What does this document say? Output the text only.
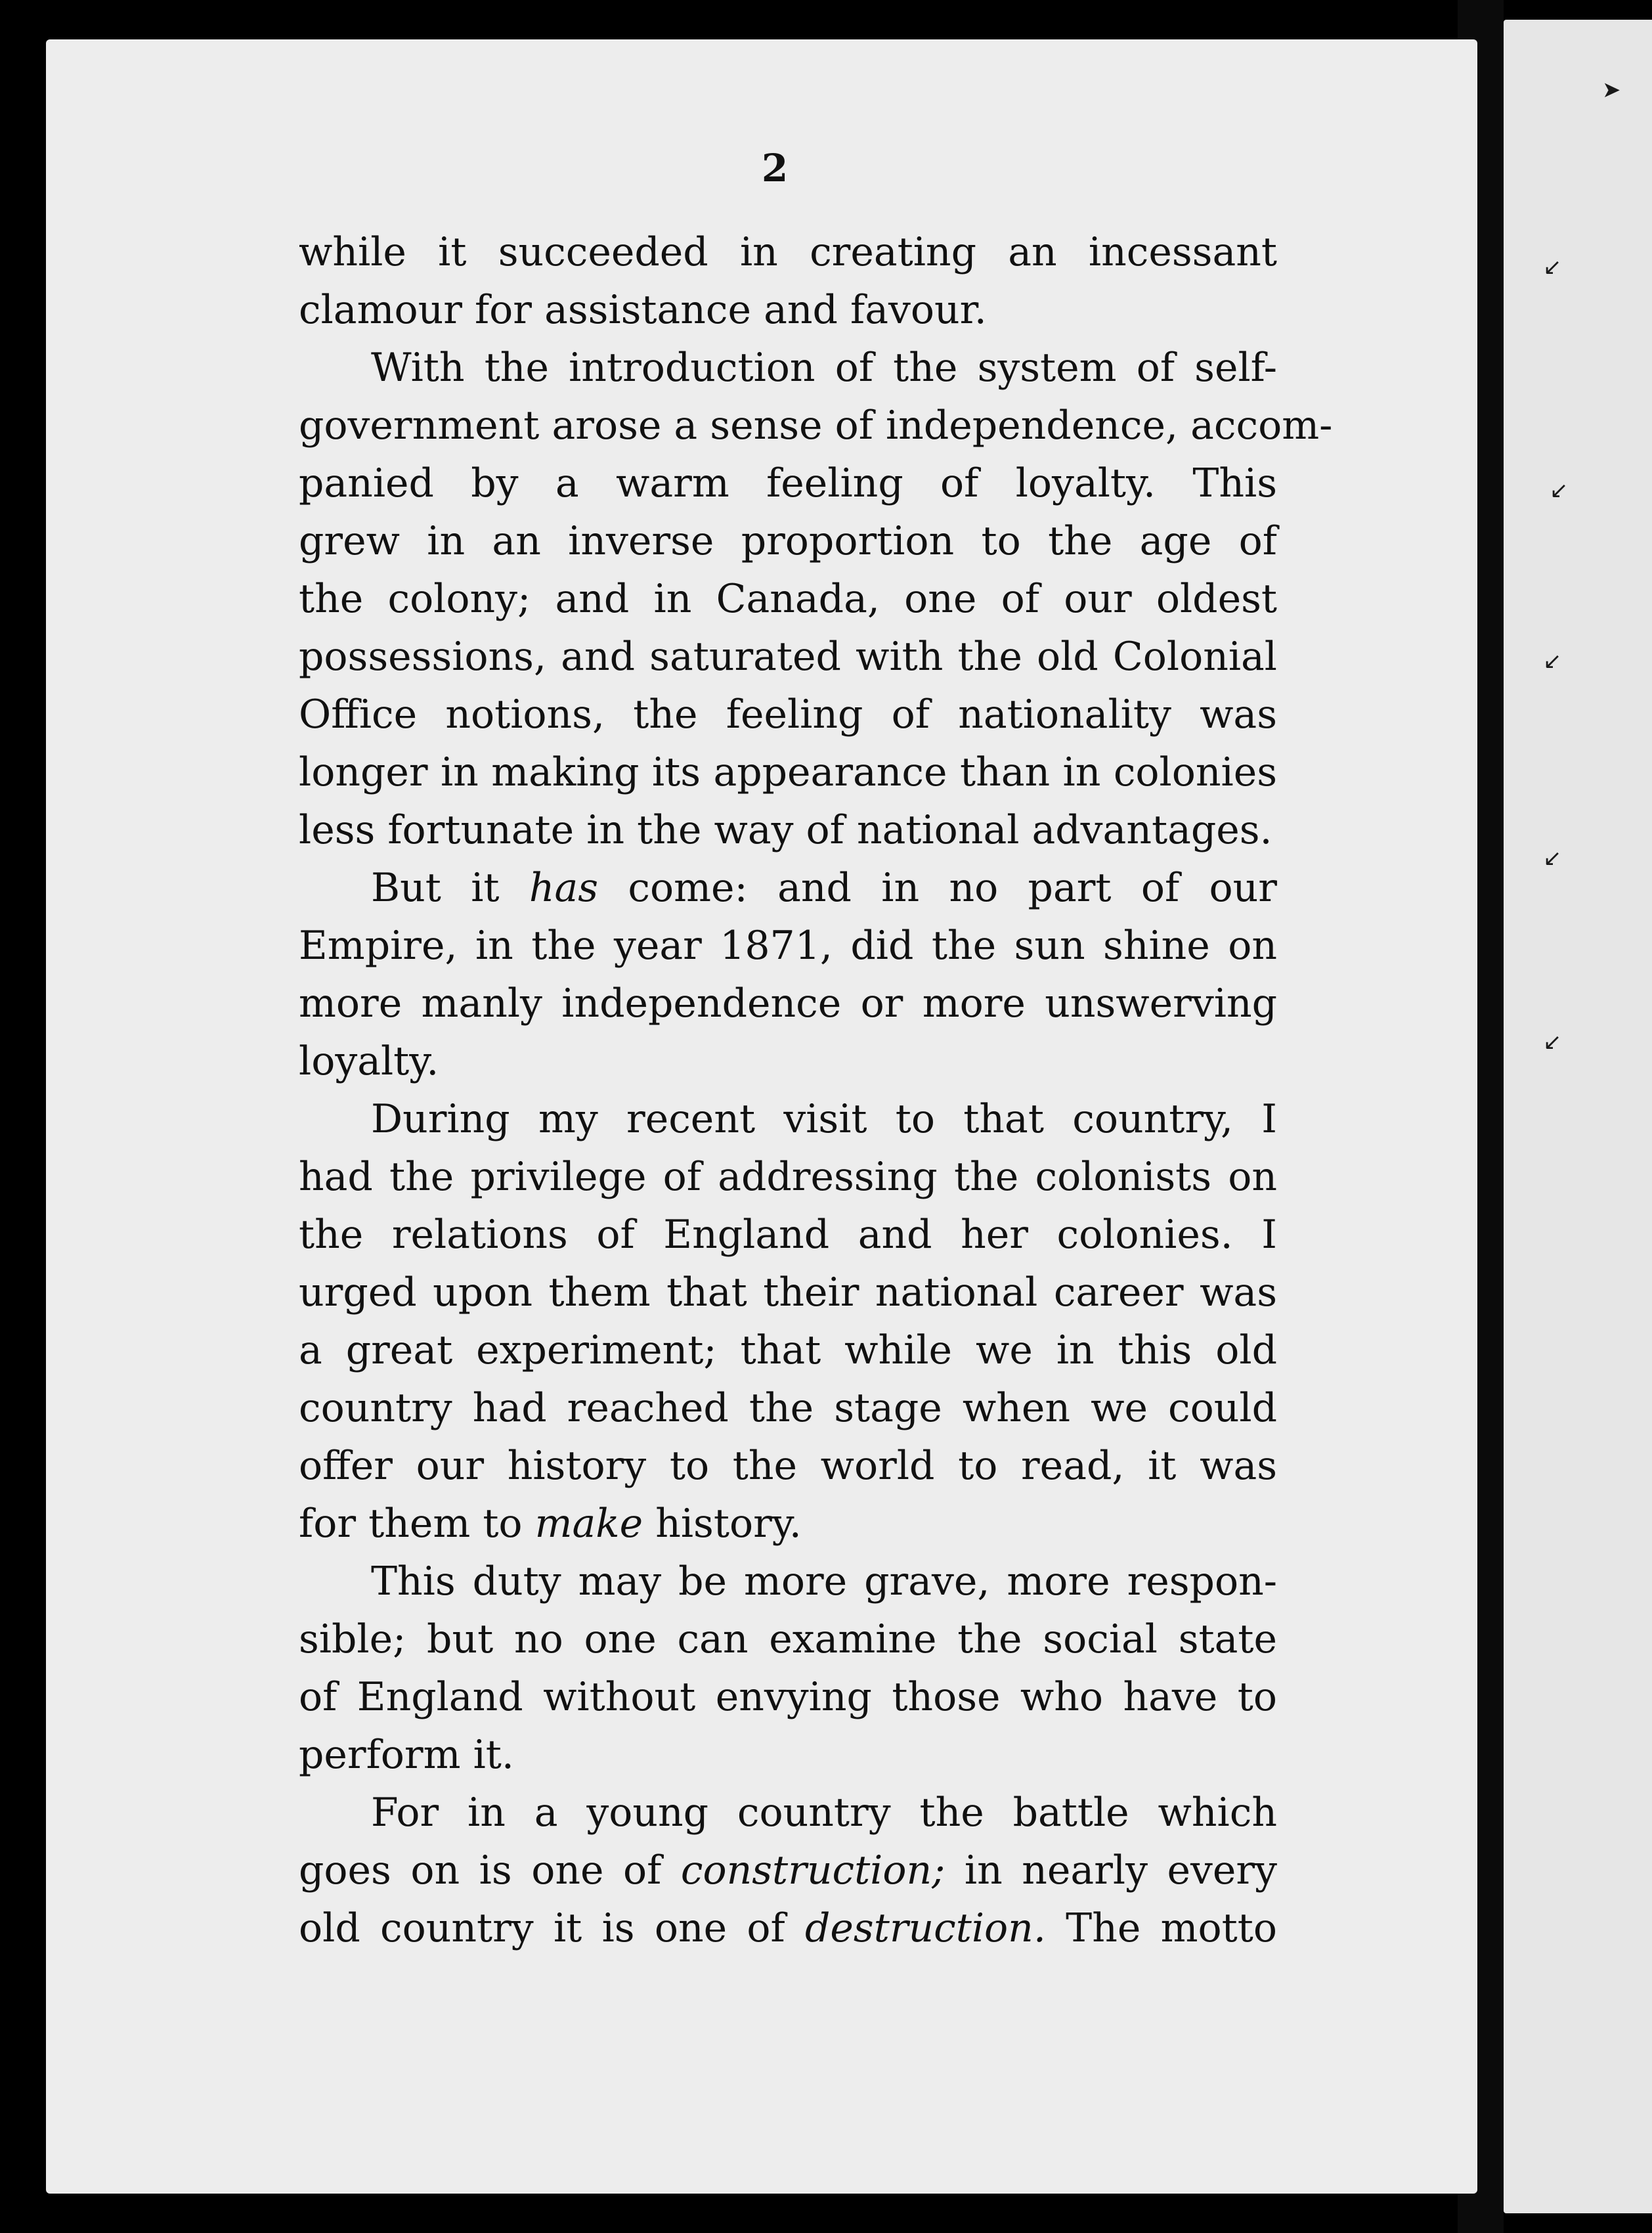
➤
↙
↙
↙
↙
↙
2
while it succeeded in creating an incessant
clamour for assistance and favour.
With the introduction of the system of self-
government arose a sense of independence, accom-
panied by a warm feeling of loyalty. This
grew in an inverse proportion to the age of
the colony; and in Canada, one of our oldest
possessions, and saturated with the old Colonial
Office notions, the feeling of nationality was
longer in making its appearance than in colonies
less fortunate in the way of national advantages.
But it has come: and in no part of our
Empire, in the year 1871, did the sun shine on
more manly independence or more unswerving
loyalty.
During my recent visit to that country, I
had the privilege of addressing the colonists on
the relations of England and her colonies. I
urged upon them that their national career was
a great experiment; that while we in this old
country had reached the stage when we could
offer our history to the world to read, it was
for them to make history.
This duty may be more grave, more respon-
sible; but no one can examine the social state
of England without envying those who have to
perform it.
For in a young country the battle which
goes on is one of construction; in nearly every
old country it is one of destruction. The motto
